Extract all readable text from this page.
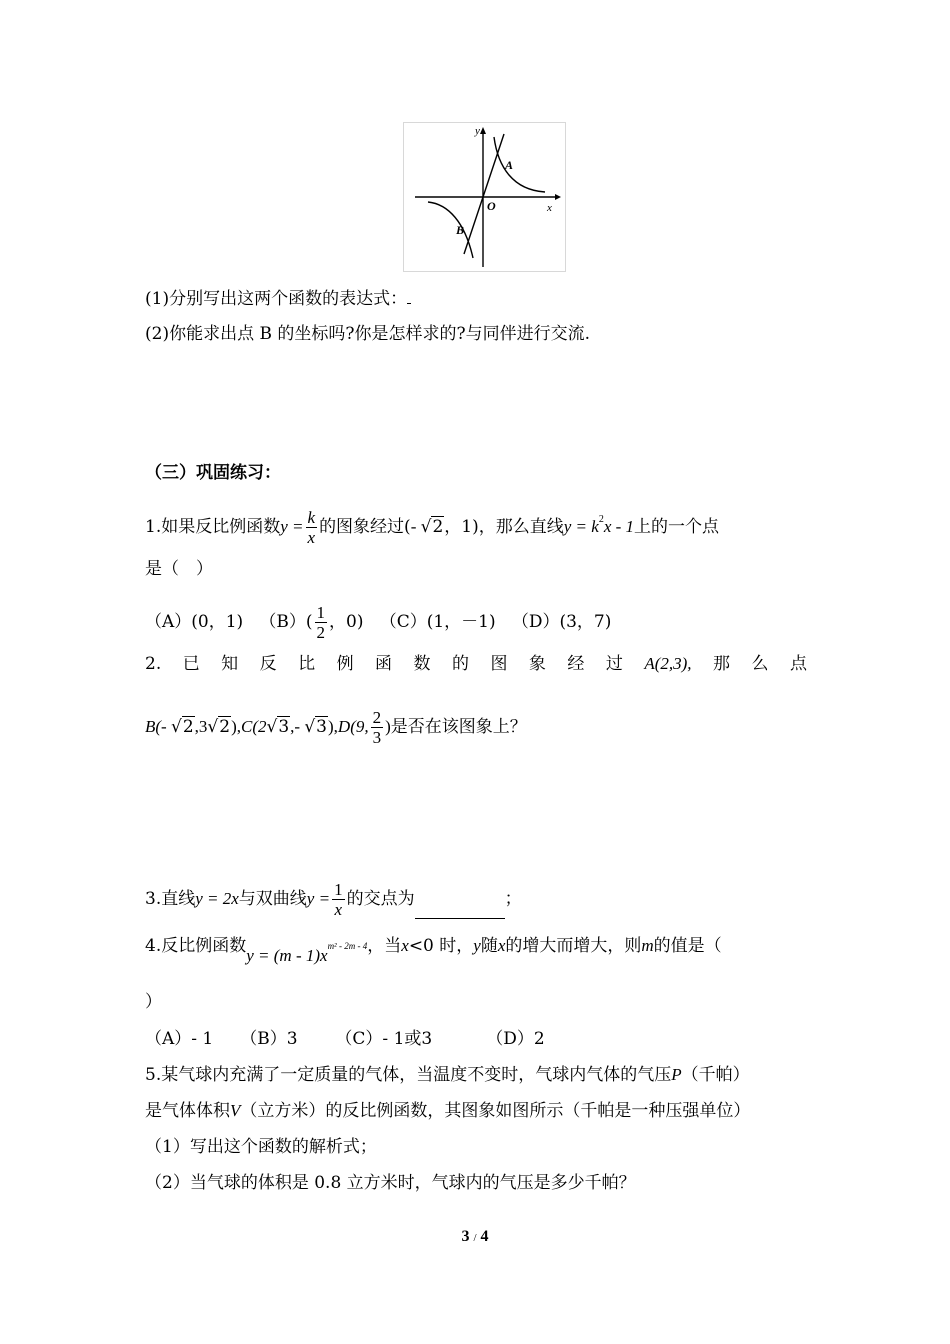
y
x
O
A
B
(1)分别写出这两个函数的表达式：
(2)你能求出点 B 的坐标吗?你是怎样求的?与同伴进行交流.
（三）巩固练习：
1.如果反比例函数$y = \frac{k}{x}$ 的图象经过(- √2，1)，那么直线$y = k^2x - 1$上的一个点
是（　）
（A）(0，1) $(B)( \frac{1}{2}$ ，0) （C）(1，－1) （D）(3，7)
2. 已 知 反 比 例 函 数 的 图 象 经 过 A(2,3), 那 么 点
B(- √2,3√2),C(2√3,- √3),D(9, $\frac{2}{3}$ )是否在该图象上？
3.直线y = 2x与双曲线$y = \frac{1}{x}$ 的交点为	；
4.反比例函数$y = (m - 1)x^{m^2 - 2m - 4}$，当x<0 时，y随x的增大而增大，则m的值是（
）
（A）- 1 （B）3 （C）- 1或3	（D）2
5.某气球内充满了一定质量的气体，当温度不变时，气球内气体的气压P（千帕）
是气体体积V（立方米）的反比例函数，其图象如图所示（千帕是一种压强单位）
（1）写出这个函数的解析式；
（2）当气球的体积是 0.8 立方米时，气球内的气压是多少千帕？
3 / 4
